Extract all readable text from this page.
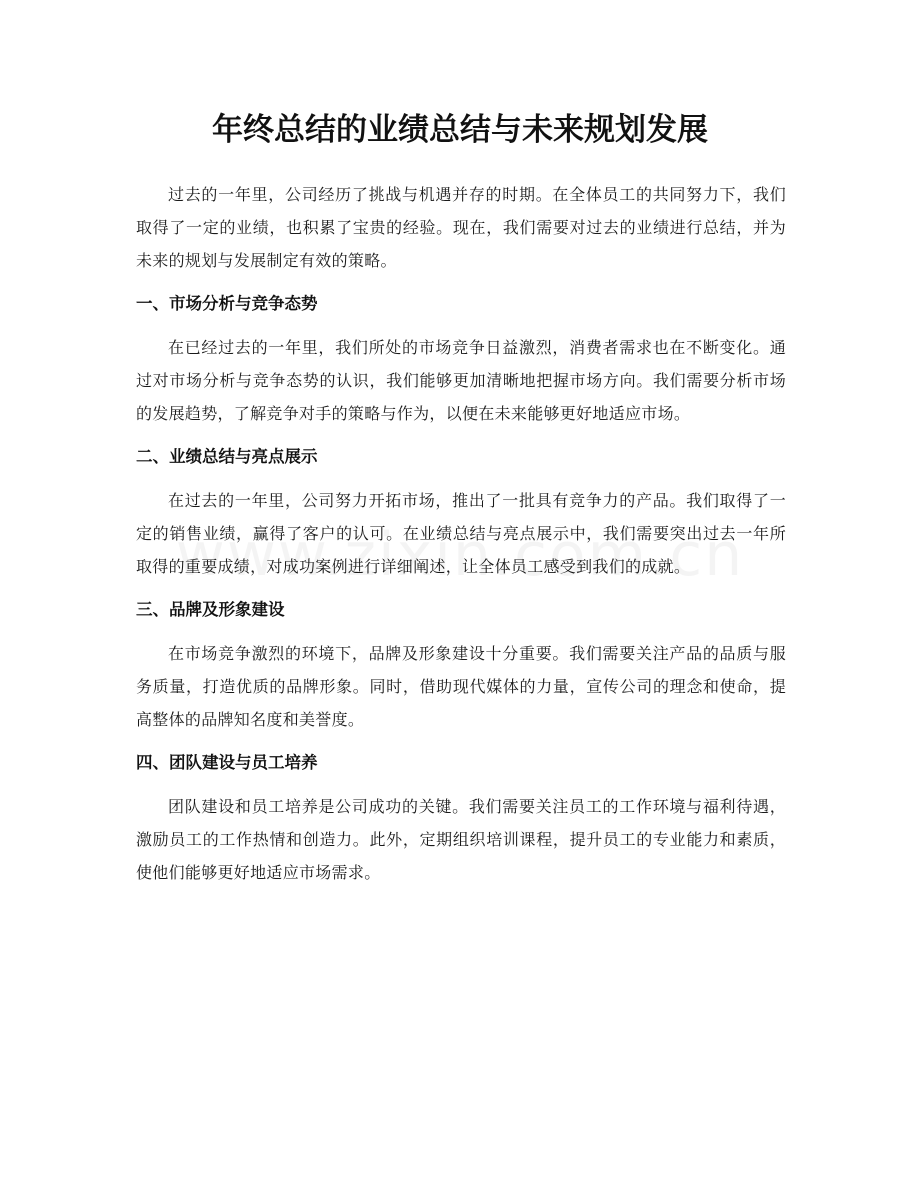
年终总结的业绩总结与未来规划发展

过去的一年里，公司经历了挑战与机遇并存的时期。在全体员工的共同努力下，我们取得了一定的业绩，也积累了宝贵的经验。现在，我们需要对过去的业绩进行总结，并为未来的规划与发展制定有效的策略。

一、市场分析与竞争态势

在已经过去的一年里，我们所处的市场竞争日益激烈，消费者需求也在不断变化。通过对市场分析与竞争态势的认识，我们能够更加清晰地把握市场方向。我们需要分析市场的发展趋势，了解竞争对手的策略与作为，以便在未来能够更好地适应市场。

二、业绩总结与亮点展示

在过去的一年里，公司努力开拓市场，推出了一批具有竞争力的产品。我们取得了一定的销售业绩，赢得了客户的认可。在业绩总结与亮点展示中，我们需要突出过去一年所取得的重要成绩，对成功案例进行详细阐述，让全体员工感受到我们的成就。

三、品牌及形象建设

在市场竞争激烈的环境下，品牌及形象建设十分重要。我们需要关注产品的品质与服务质量，打造优质的品牌形象。同时，借助现代媒体的力量，宣传公司的理念和使命，提高整体的品牌知名度和美誉度。

四、团队建设与员工培养

团队建设和员工培养是公司成功的关键。我们需要关注员工的工作环境与福利待遇，激励员工的工作热情和创造力。此外，定期组织培训课程，提升员工的专业能力和素质，使他们能够更好地适应市场需求。
